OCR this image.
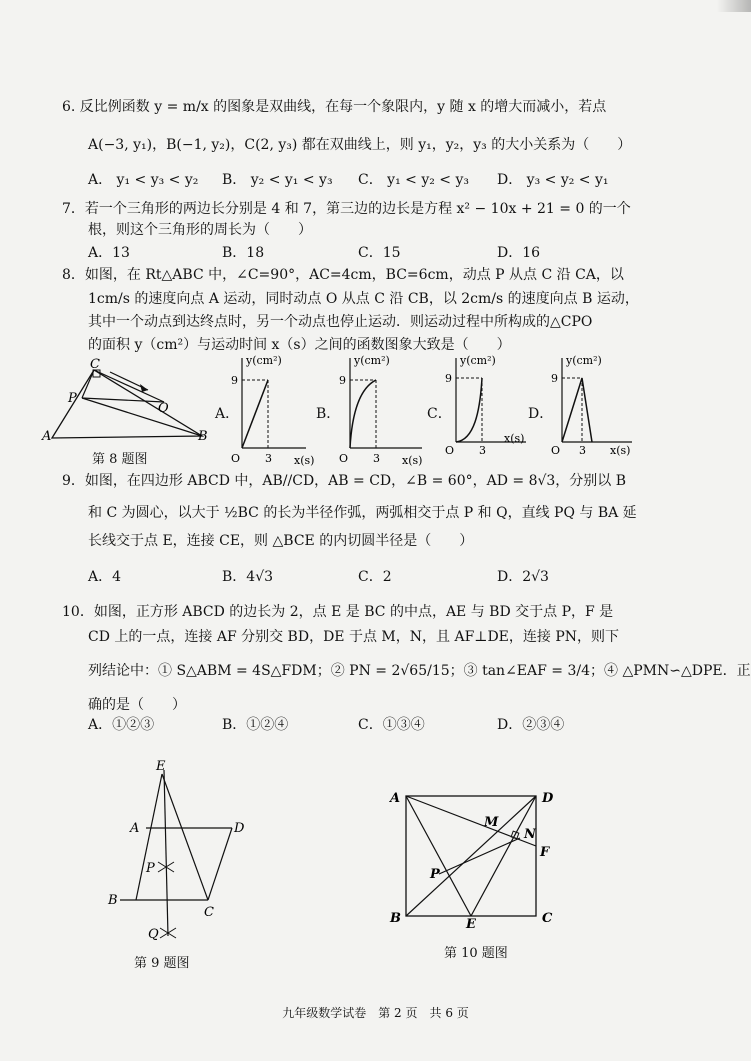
6. 反比例函数 y = m/x 的图象是双曲线，在每一个象限内，y 随 x 的增大而减小，若点
A(−3, y₁)，B(−1, y₂)，C(2, y₃) 都在双曲线上，则 y₁，y₂，y₃ 的大小关系为（　　）
A． y₁ < y₃ < y₂ B． y₂ < y₁ < y₃ C． y₁ < y₂ < y₃ D． y₃ < y₂ < y₁
7．若一个三角形的两边长分别是 4 和 7，第三边的边长是方程 x² − 10x + 21 = 0 的一个
根，则这个三角形的周长为（　　）
A．13	B．18	C．15	D．16
8．如图，在 Rt△ABC 中，∠C=90°，AC=4cm，BC=6cm，动点 P 从点 C 沿 CA，以
1cm/s 的速度向点 A 运动，同时动点 O 从点 C 沿 CB，以 2cm/s 的速度向点 B 运动，
其中一个动点到达终点时，另一个动点也停止运动．则运动过程中所构成的△CPO
的面积 y（cm²）与运动时间 x（s）之间的函数图象大致是（　　）
C
P
O
A	B
第 8 题图
A．	B．	C．	D．
y(cm²)
9
O 3 x(s)
y(cm²)
9
O 3 x(s)
y(cm²)
9
O 3
x(s)
y(cm²)
9
O 3 x(s)
9．如图，在四边形 ABCD 中，AB//CD，AB = CD，∠B = 60°，AD = 8√3，分别以 B
和 C 为圆心，以大于 ½BC 的长为半径作弧，两弧相交于点 P 和 Q，直线 PQ 与 BA 延
长线交于点 E，连接 CE，则 △BCE 的内切圆半径是（　　）
A．4	B．4√3	C．2	D．2√3
10．如图，正方形 ABCD 的边长为 2，点 E 是 BC 的中点，AE 与 BD 交于点 P，F 是
CD 上的一点，连接 AF 分别交 BD，DE 于点 M，N，且 AF⊥DE，连接 PN，则下
列结论中：① S△ABM = 4S△FDM；② PN = 2√65/15；③ tan∠EAF = 3/4；④ △PMN∽△DPE．正
确的是（　　）
A．①②③	B．①②④	C．①③④	D．②③④
E
A	D
P
B
C
Q
第 9 题图
A	D
M
N
F
P
B	E	C
第 10 题图
九年级数学试卷　第 2 页　共 6 页
